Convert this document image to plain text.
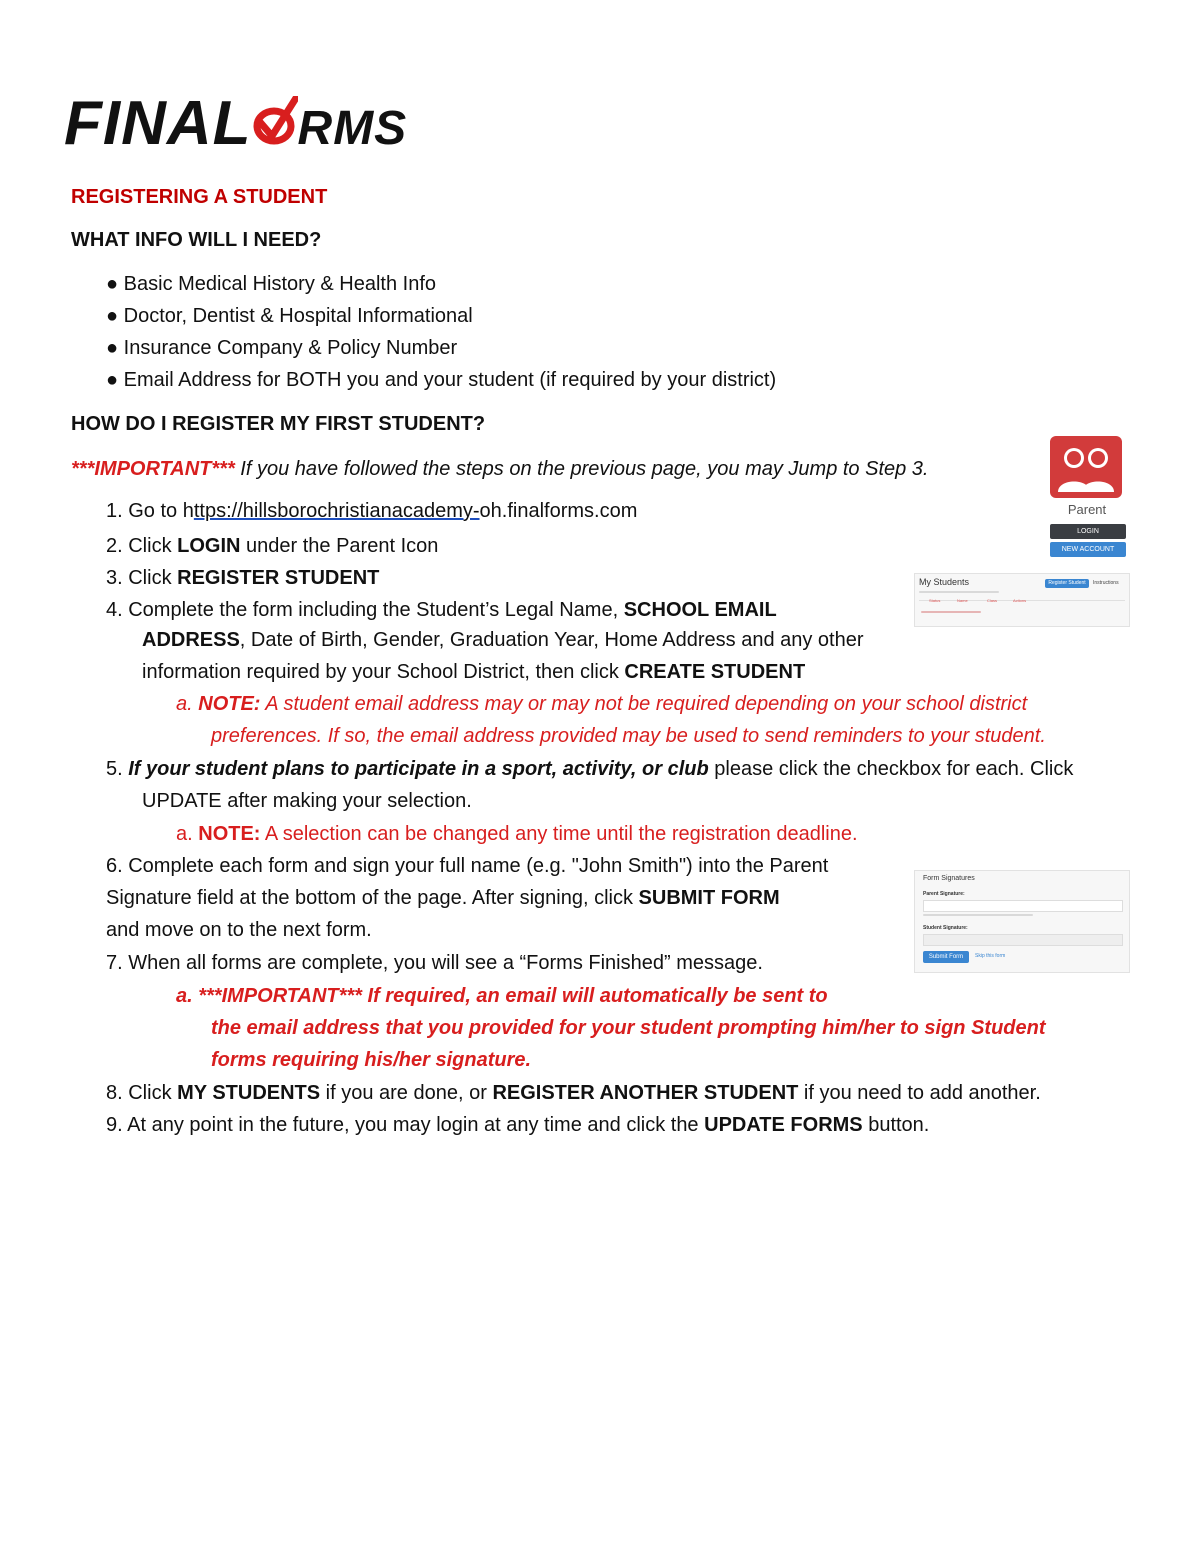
FINAL RMS
REGISTERING A STUDENT
WHAT INFO WILL I NEED?
● Basic Medical History & Health Info
● Doctor, Dentist & Hospital Informational
● Insurance Company & Policy Number
● Email Address for BOTH you and your student (if required by your district)
HOW DO I REGISTER MY FIRST STUDENT?
***IMPORTANT*** If you have followed the steps on the previous page, you may Jump to Step 3.
1. Go to https://hillsborochristianacademy-oh.finalforms.com
2. Click LOGIN under the Parent Icon
3. Click REGISTER STUDENT
4. Complete the form including the Student’s Legal Name, SCHOOL EMAIL
ADDRESS, Date of Birth, Gender, Graduation Year, Home Address and any other
information required by your School District, then click CREATE STUDENT
a. NOTE: A student email address may or may not be required depending on your school district
preferences. If so, the email address provided may be used to send reminders to your student.
5. If your student plans to participate in a sport, activity, or club please click the checkbox for each. Click
UPDATE after making your selection.
a. NOTE: A selection can be changed any time until the registration deadline.
6. Complete each form and sign your full name (e.g. "John Smith") into the Parent
Signature field at the bottom of the page. After signing, click SUBMIT FORM
and move on to the next form.
7. When all forms are complete, you will see a “Forms Finished” message.
a. ***IMPORTANT*** If required, an email will automatically be sent to
the email address that you provided for your student prompting him/her to sign Student
forms requiring his/her signature.
8. Click MY STUDENTS if you are done, or REGISTER ANOTHER STUDENT if you need to add another.
9. At any point in the future, you may login at any time and click the UPDATE FORMS button.
Parent
LOGIN
NEW ACCOUNT
My Students	Register Student	Instructions
Status	Name	Class	Actions
Form Signatures
Parent Signature:
Student Signature:
Submit Form	Skip this form
